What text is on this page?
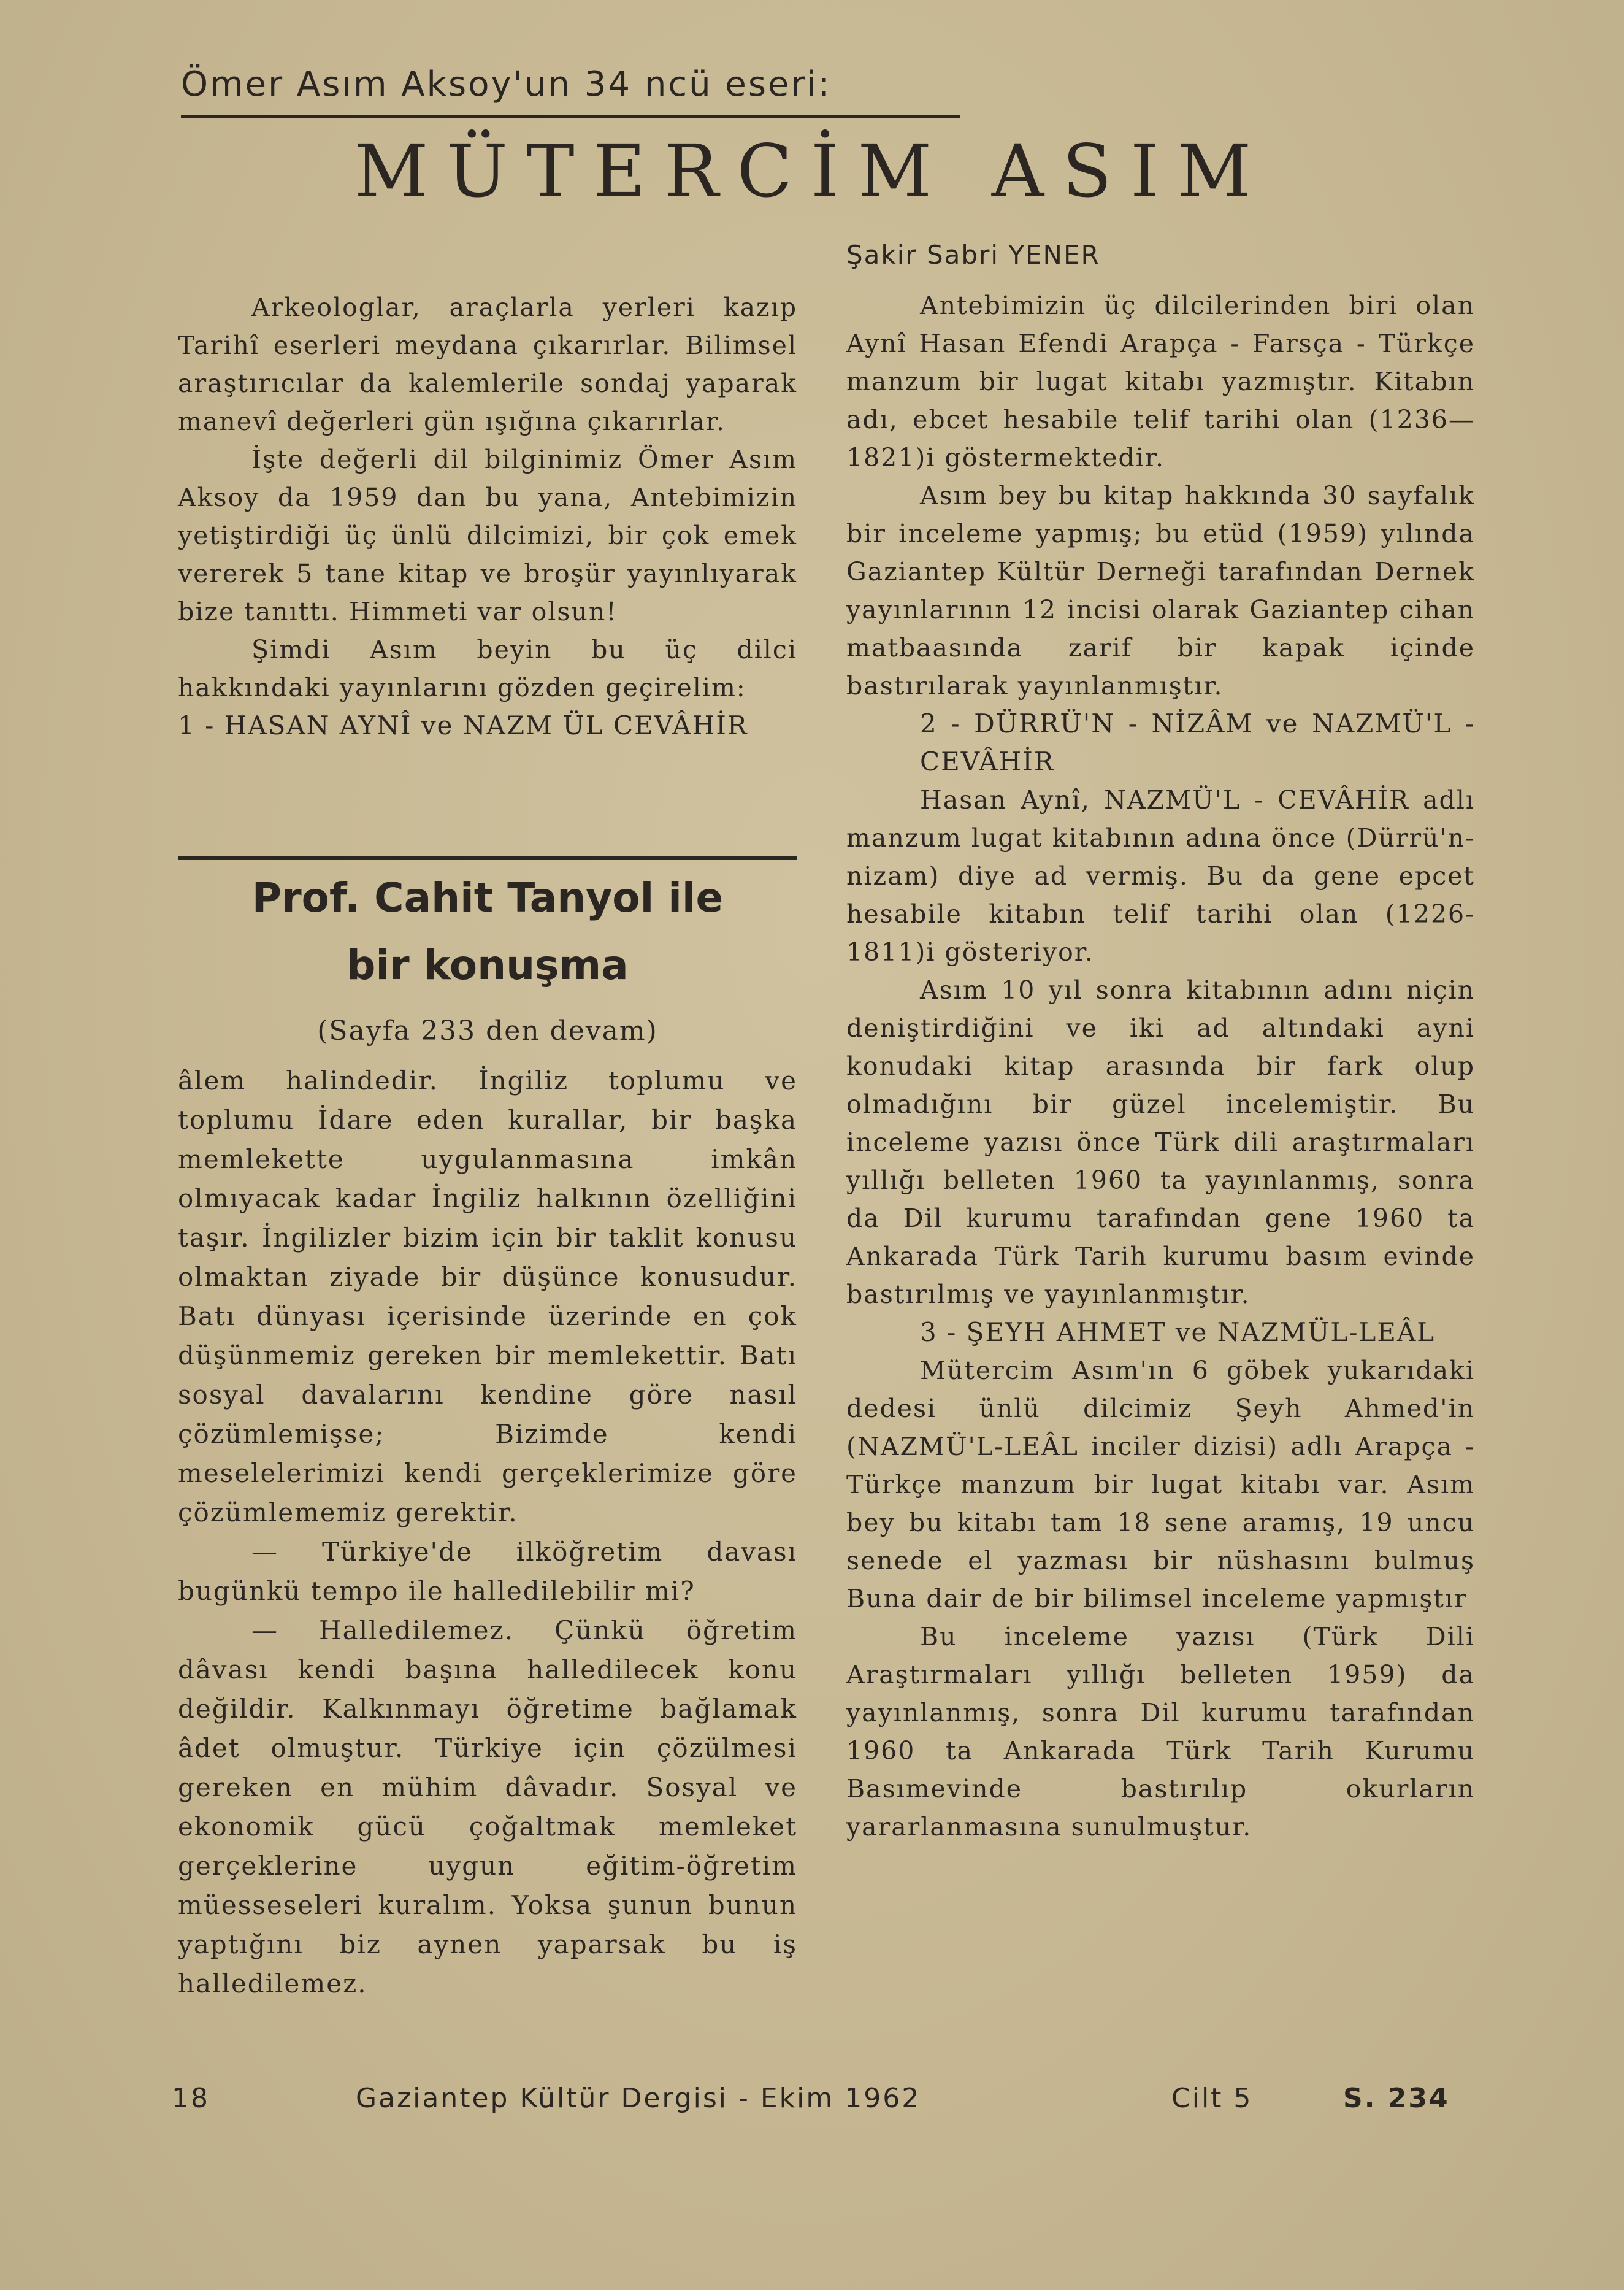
Ömer Asım Aksoy'un 34 ncü eseri:
MÜTERCİM ASIM

Arkeologlar, araçlarla yerleri kazıp Tarihî eserleri meydana çıkarırlar. Bilimsel araştırıcılar da kalemlerile sondaj yaparak manevî değerleri gün ışığına çıkarırlar.

İşte değerli dil bilginimiz Ömer Asım Aksoy da 1959 dan bu yana, Antebimizin yetiştirdiği üç ünlü dilcimizi, bir çok emek vererek 5 tane kitap ve broşür yayınlıyarak bize tanıttı. Himmeti var olsun!

Şimdi Asım beyin bu üç dilci hakkındaki yayınlarını gözden geçirelim:

1 - HASAN AYNÎ ve NAZM ÜL CEVÂHİR

Prof. Cahit Tanyol ile
bir konuşma
(Sayfa 233 den devam)

âlem halindedir. İngiliz toplumu ve toplumu İdare eden kurallar, bir başka memlekette uygulanmasına imkân olmıyacak kadar İngiliz halkının özelliğini taşır. İngilizler bizim için bir taklit konusu olmaktan ziyade bir düşünce konusudur. Batı dünyası içerisinde üzerinde en çok düşünmemiz gereken bir memlekettir. Batı sosyal davalarını kendine göre nasıl çözümlemişse; Bizimde kendi meselelerimizi kendi gerçeklerimize göre çözümlememiz gerektir.

— Türkiye'de ilköğretim davası bugünkü tempo ile halledilebilir mi?

— Halledilemez. Çünkü öğretim dâvası kendi başına halledilecek konu değildir. Kalkınmayı öğretime bağlamak âdet olmuştur. Türkiye için çözülmesi gereken en mühim dâvadır. Sosyal ve ekonomik gücü çoğaltmak memleket gerçeklerine uygun eğitim-öğretim müesseseleri kuralım. Yoksa şunun bunun yaptığını biz aynen yaparsak bu iş halledilemez.

Şakir Sabri YENER

Antebimizin üç dilcilerinden biri olan Aynî Hasan Efendi Arapça - Farsça - Türkçe manzum bir lugat kitabı yazmıştır. Kitabın adı, ebcet hesabile telif tarihi olan (1236—1821)i göstermektedir.

Asım bey bu kitap hakkında 30 sayfalık bir inceleme yapmış; bu etüd (1959) yılında Gaziantep Kültür Derneği tarafından Dernek yayınlarının 12 incisi olarak Gaziantep cihan matbaasında zarif bir kapak içinde bastırılarak yayınlanmıştır.

2 - DÜRRÜ'N - NİZÂM ve NAZMÜ'L - CEVÂHİR

Hasan Aynî, NAZMÜ'L - CEVÂHİR adlı manzum lugat kitabının adına önce (Dürrü'n-nizam) diye ad vermiş. Bu da gene epcet hesabile kitabın telif tarihi olan (1226-1811)i gösteriyor.

Asım 10 yıl sonra kitabının adını niçin deniştirdiğini ve iki ad altındaki ayni konudaki kitap arasında bir fark olup olmadığını bir güzel incelemiştir. Bu inceleme yazısı önce Türk dili araştırmaları yıllığı belleten 1960 ta yayınlanmış, sonra da Dil kurumu tarafından gene 1960 ta Ankarada Türk Tarih kurumu basım evinde bastırılmış ve yayınlanmıştır.

3 - ŞEYH AHMET ve NAZMÜL-LEÂL

Mütercim Asım'ın 6 göbek yukarıdaki dedesi ünlü dilcimiz Şeyh Ahmed'in (NAZMÜ'L-LEÂL inciler dizisi) adlı Arapça - Türkçe manzum bir lugat kitabı var. Asım bey bu kitabı tam 18 sene aramış, 19 uncu senede el yazması bir nüshasını bulmuş Buna dair de bir bilimsel inceleme yapmıştır

Bu inceleme yazısı (Türk Dili Araştırmaları yıllığı belleten 1959) da yayınlanmış, sonra Dil kurumu tarafından 1960 ta Ankarada Türk Tarih Kurumu Basımevinde bastırılıp okurların yararlanmasına sunulmuştur.

18	Gaziantep Kültür Dergisi - Ekim 1962	Cilt 5	S. 234
